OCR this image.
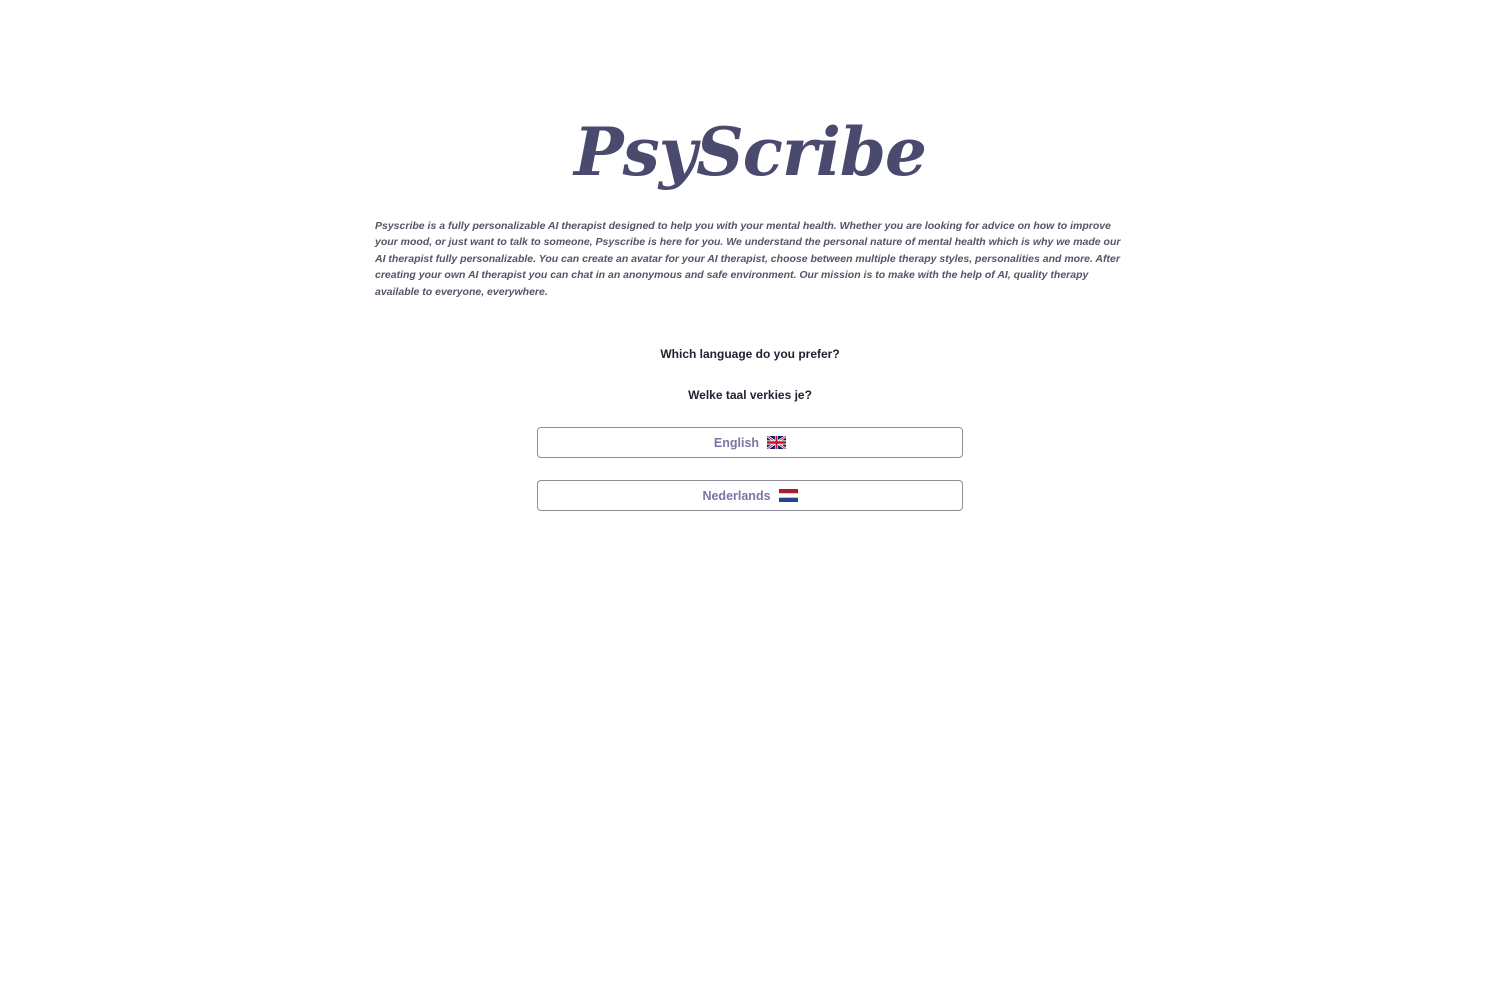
PsyScribe

Psyscribe is a fully personalizable AI therapist designed to help you with your mental health. Whether you are looking for advice on how to improve your mood, or just want to talk to someone, Psyscribe is here for you. We understand the personal nature of mental health which is why we made our AI therapist fully personalizable. You can create an avatar for your AI therapist, choose between multiple therapy styles, personalities and more. After creating your own AI therapist you can chat in an anonymous and safe environment. Our mission is to make with the help of AI, quality therapy available to everyone, everywhere.

Which language do you prefer?

Welke taal verkies je?

English
Nederlands
